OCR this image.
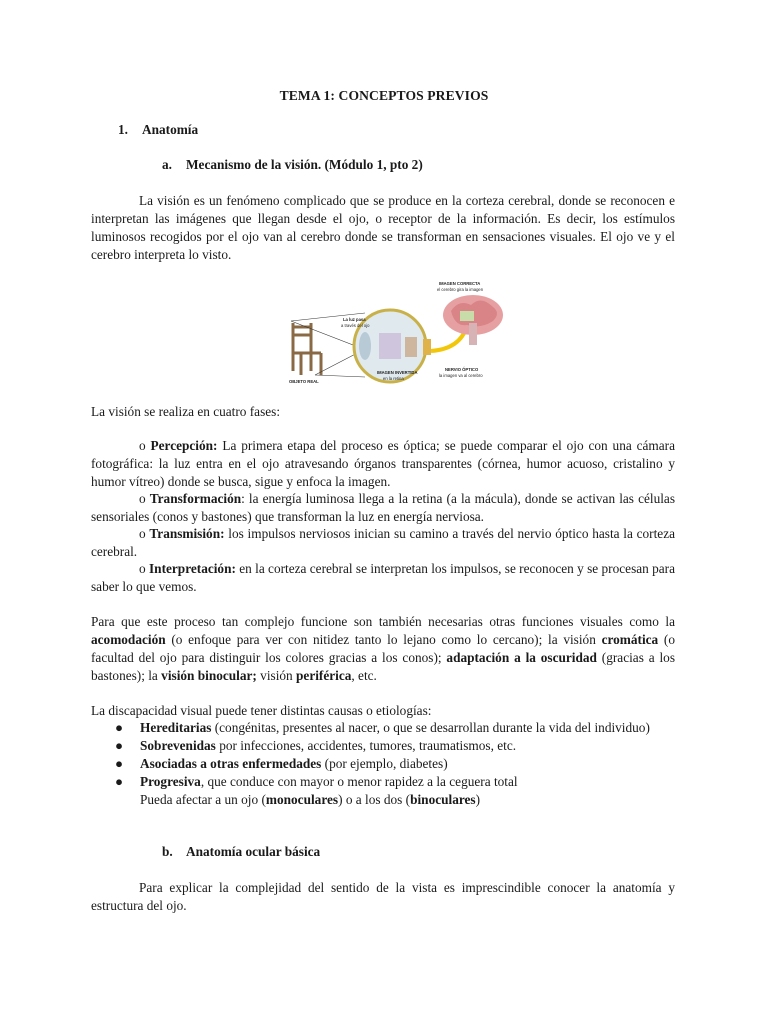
TEMA 1: CONCEPTOS PREVIOS
1. Anatomía
a. Mecanismo de la visión. (Módulo 1, pto 2)
La visión es un fenómeno complicado que se produce en la corteza cerebral, donde se reconocen e interpretan las imágenes que llegan desde el ojo, o receptor de la información. Es decir, los estímulos luminosos recogidos por el ojo van al cerebro donde se transforman en sensaciones visuales. El ojo ve y el cerebro interpreta lo visto.
IMAGEN CORRECTA
el cerebro gira la imagen
La luz pasa
a través del ojo
IMAGEN INVERTIDA
en la retina
OBJETO REAL
NERVIO ÓPTICO
la imagen va al cerebro
La visión se realiza en cuatro fases:
o Percepción: La primera etapa del proceso es óptica; se puede comparar el ojo con una cámara fotográfica: la luz entra en el ojo atravesando órganos transparentes (córnea, humor acuoso, cristalino y humor vítreo) donde se busca, sigue y enfoca la imagen.
o Transformación: la energía luminosa llega a la retina (a la mácula), donde se activan las células sensoriales (conos y bastones) que transforman la luz en energía nerviosa.
o Transmisión: los impulsos nerviosos inician su camino a través del nervio óptico hasta la corteza cerebral.
o Interpretación: en la corteza cerebral se interpretan los impulsos, se reconocen y se procesan para saber lo que vemos.
Para que este proceso tan complejo funcione son también necesarias otras funciones visuales como la acomodación (o enfoque para ver con nitidez tanto lo lejano como lo cercano); la visión cromática (o facultad del ojo para distinguir los colores gracias a los conos); adaptación a la oscuridad (gracias a los bastones); la visión binocular; visión periférica, etc.
La discapacidad visual puede tener distintas causas o etiologías:
● Hereditarias (congénitas, presentes al nacer, o que se desarrollan durante la vida del individuo)
● Sobrevenidas por infecciones, accidentes, tumores, traumatismos, etc.
● Asociadas a otras enfermedades (por ejemplo, diabetes)
● Progresiva, que conduce con mayor o menor rapidez a la ceguera total
Pueda afectar a un ojo (monoculares) o a los dos (binoculares)
b. Anatomía ocular básica
Para explicar la complejidad del sentido de la vista es imprescindible conocer la anatomía y estructura del ojo.
